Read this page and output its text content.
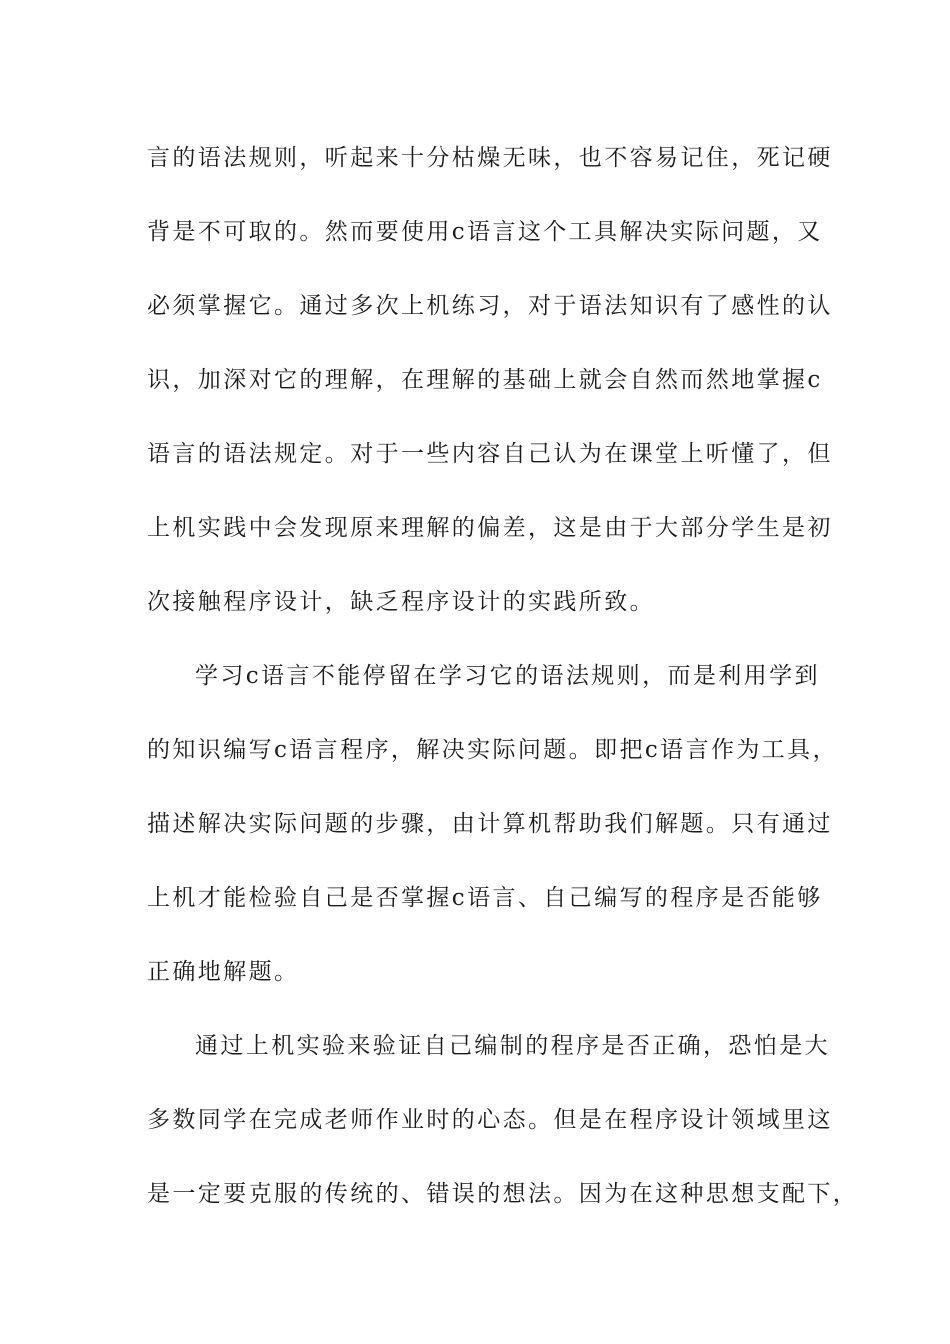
言的语法规则，听起来十分枯燥无味，也不容易记住，死记硬
背是不可取的。然而要使用c语言这个工具解决实际问题，又
必须掌握它。通过多次上机练习，对于语法知识有了感性的认
识，加深对它的理解，在理解的基础上就会自然而然地掌握c
语言的语法规定。对于一些内容自己认为在课堂上听懂了，但
上机实践中会发现原来理解的偏差，这是由于大部分学生是初
次接触程序设计，缺乏程序设计的实践所致。
学习c语言不能停留在学习它的语法规则，而是利用学到
的知识编写c语言程序，解决实际问题。即把c语言作为工具，
描述解决实际问题的步骤，由计算机帮助我们解题。只有通过
上机才能检验自己是否掌握c语言、自己编写的程序是否能够
正确地解题。
通过上机实验来验证自己编制的程序是否正确，恐怕是大
多数同学在完成老师作业时的心态。但是在程序设计领域里这
是一定要克服的传统的、错误的想法。因为在这种思想支配下，
